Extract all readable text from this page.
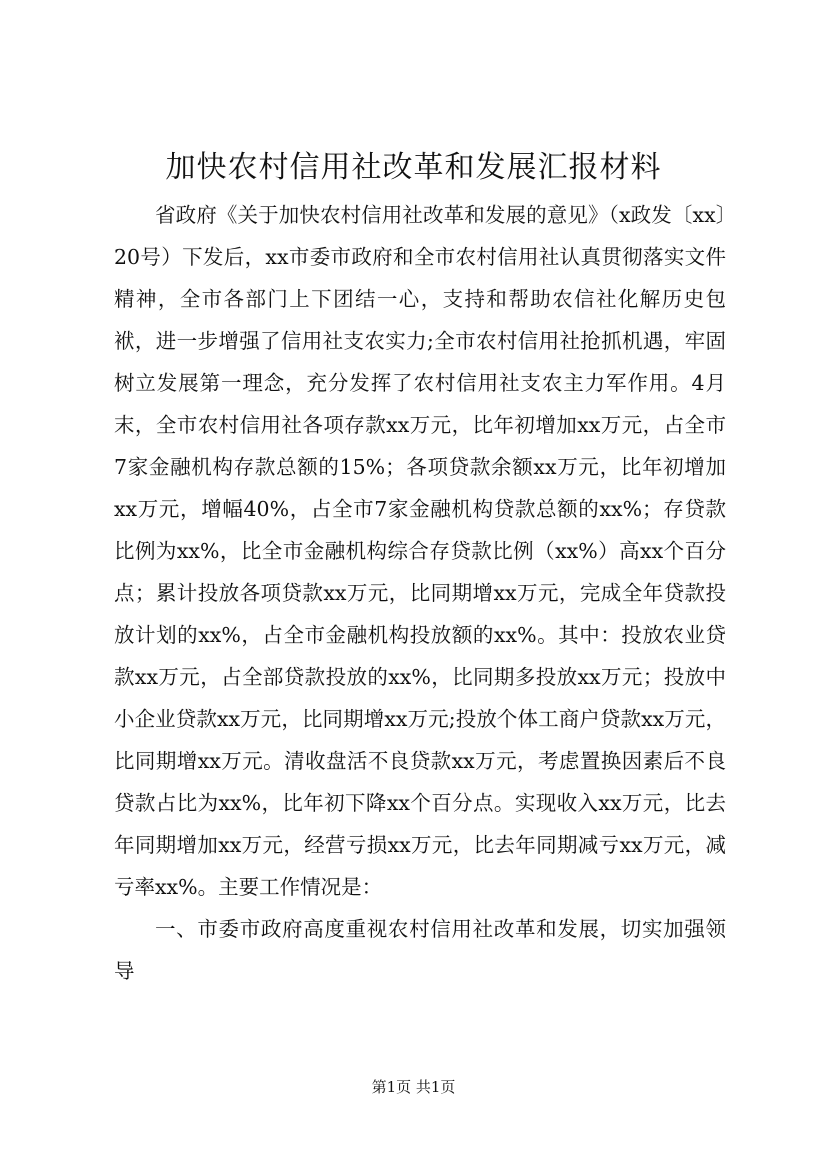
加快农村信用社改革和发展汇报材料

省政府《关于加快农村信用社改革和发展的意见》（x政发〔xx〕20号）下发后，xx市委市政府和全市农村信用社认真贯彻落实文件精神，全市各部门上下团结一心，支持和帮助农信社化解历史包袱，进一步增强了信用社支农实力;全市农村信用社抢抓机遇，牢固树立发展第一理念，充分发挥了农村信用社支农主力军作用。4月末，全市农村信用社各项存款xx万元，比年初增加xx万元，占全市7家金融机构存款总额的15%；各项贷款余额xx万元，比年初增加xx万元，增幅40%，占全市7家金融机构贷款总额的xx%；存贷款比例为xx%，比全市金融机构综合存贷款比例（xx%）高xx个百分点；累计投放各项贷款xx万元，比同期增xx万元，完成全年贷款投放计划的xx%，占全市金融机构投放额的xx%。其中：投放农业贷款xx万元，占全部贷款投放的xx%，比同期多投放xx万元；投放中小企业贷款xx万元，比同期增xx万元;投放个体工商户贷款xx万元，比同期增xx万元。清收盘活不良贷款xx万元，考虑置换因素后不良贷款占比为xx%，比年初下降xx个百分点。实现收入xx万元，比去年同期增加xx万元，经营亏损xx万元，比去年同期减亏xx万元，减亏率xx%。主要工作情况是：

一、市委市政府高度重视农村信用社改革和发展，切实加强领导

第1页 共1页
